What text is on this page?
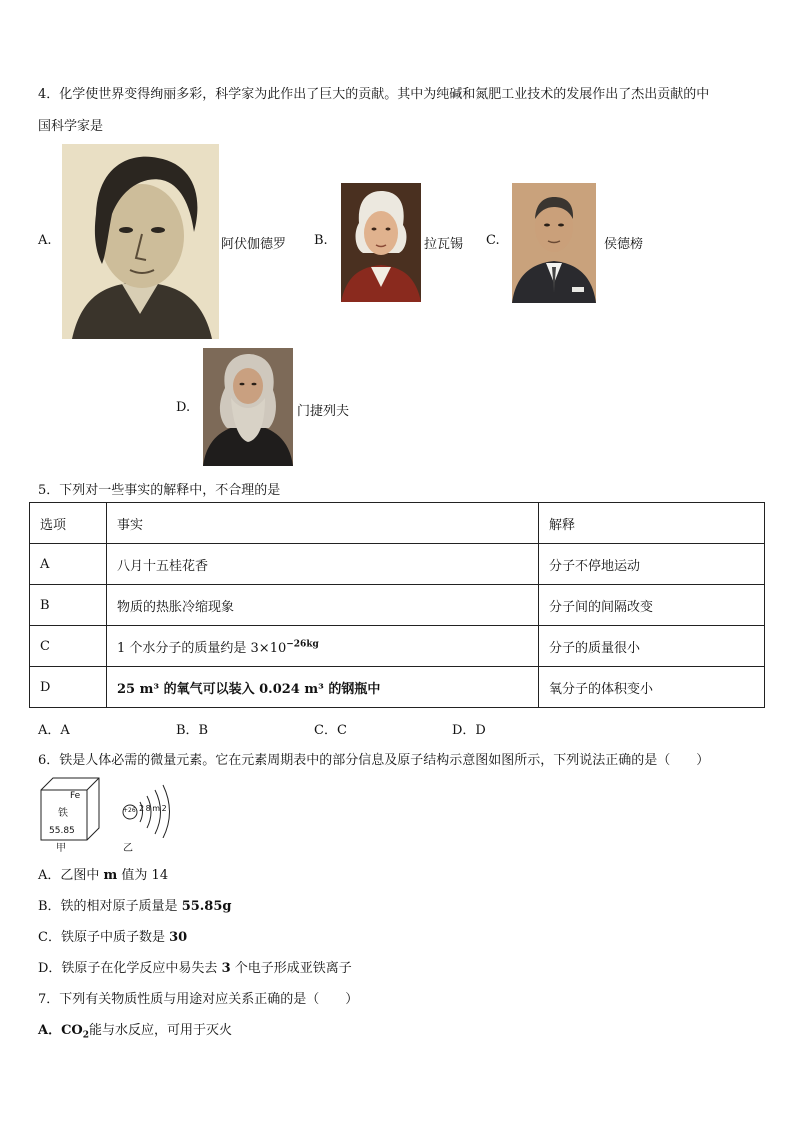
4．化学使世界变得绚丽多彩，科学家为此作出了巨大的贡献。其中为纯碱和氮肥工业技术的发展作出了杰出贡献的中
国科学家是
A.	阿伏伽德罗 B.	拉瓦锡 C.	侯德榜
D.	门捷列夫
5．下列对一些事实的解释中，不合理的是
选项	事实	解释
A	八月十五桂花香	分子不停地运动
B	物质的热胀冷缩现象	分子间的间隔改变
C	1 个水分子的质量约是 $3\times 10^{-26kg}$	分子的质量很小
D	25 m³ 的氧气可以装入 0.024 m³ 的钢瓶中	氧分子的体积变小
A．A	B．B	C．C	D．D
6．铁是人体必需的微量元素。它在元素周期表中的部分信息及原子结构示意图如图所示，下列说法正确的是（　　）
Fe
铁
55.85
甲
+26 2 8 m 2
乙
A．乙图中 m 值为 14
B．铁的相对原子质量是 55.85g
C．铁原子中质子数是 30
D．铁原子在化学反应中易失去 3 个电子形成亚铁离子
7．下列有关物质性质与用途对应关系正确的是（　　）
A．$CO_2$能与水反应，可用于灭火
